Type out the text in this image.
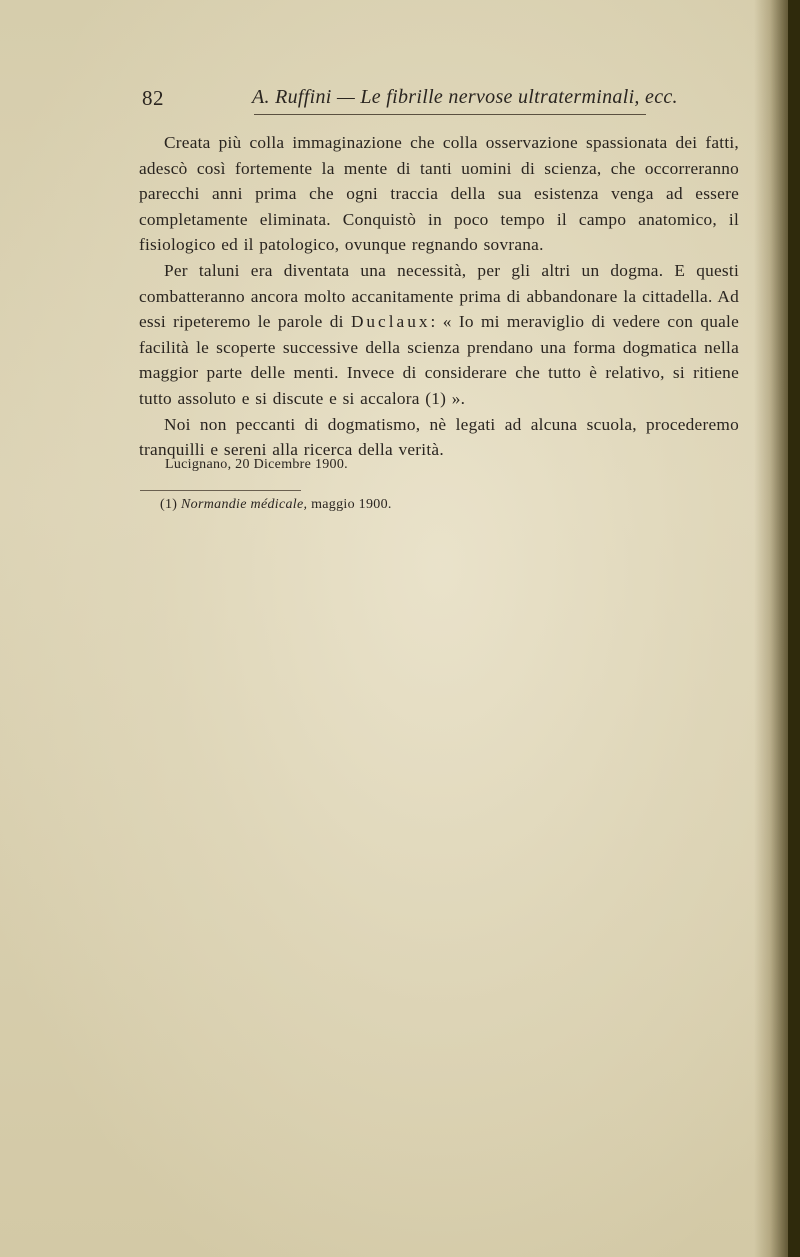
82	A. Ruffini — Le fibrille nervose ultraterminali, ecc.

Creata più colla immaginazione che colla osservazione spassionata dei fatti, adescò così fortemente la mente di tanti uomini di scienza, che occorreranno parecchi anni prima che ogni traccia della sua esistenza venga ad essere completamente eliminata. Conquistò in poco tempo il campo anatomico, il fisiologico ed il patologico, ovunque regnando sovrana.

Per taluni era diventata una necessità, per gli altri un dogma. E questi combatteranno ancora molto accanitamente prima di abbandonare la cittadella. Ad essi ripeteremo le parole di Duclaux: « Io mi meraviglio di vedere con quale facilità le scoperte successive della scienza prendano una forma dogmatica nella maggior parte delle menti. Invece di considerare che tutto è relativo, si ritiene tutto assoluto e si discute e si accalora (1) ».

Noi non peccanti di dogmatismo, nè legati ad alcuna scuola, procederemo tranquilli e sereni alla ricerca della verità.

Lucignano, 20 Dicembre 1900.
(1) Normandie médicale, maggio 1900.
